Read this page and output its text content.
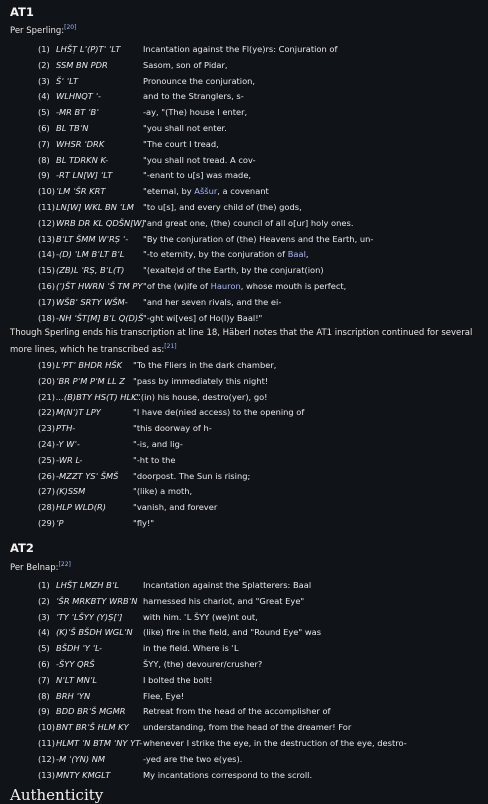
AT1
Per Sperling:[20]
(1) LHŠṬ Lʿ(P)Tʿ ʿLT	Incantation against the Fl(ye)rs: Conjuration of
(2) SSM BN PDR	Sasom, son of Pidar,
(3) Šʿ ʿLT	Pronounce the conjuration,
(4) WLHNQT ʿ-	and to the Stranglers, s-
(5) -MR BT ʿBʿ	-ay, "(The) house I enter,
(6) BL TBʿN	"you shall not enter.
(7) WHSR ʿDRK	"The court I tread,
(8) BL TDRKN K-	"you shall not tread. A cov-
(9) -RT LN[W] ʿLT	"-enant to u[s] was made,
(10) ʿLM ʿŠR KRT	"eternal, by Aššur, a covenant
(11) LN[W] WKL BN ʿLM "to u[s], and every child of (the) gods,
(12) WRB DR KL QDŠN[W]
"and great one, (the) council of all o[ur] holy ones.
(13) BʿLT ŠMM WʿRṢ ʿ- "By the conjuration of (the) Heavens and the Earth, un-
(14) -(D) ʿLM BʿLT BʿL "-to eternity, by the conjuration of Baal,
(15) (ZB)L ʿRṢ, BʿL(T) "(exalte)d of the Earth, by the conjurat(ion)
(16) (ʿ)ŠT HWRN ʿŠ TM PY "of the (w)ife of Hauron, whose mouth is perfect,
(17) WŠBʿ SRTY WŠM- "and her seven rivals, and the ei-
(18) -NH ʿŠT[M] BʿL Q(D)Š "-ght wi[ves] of Ho(l)y Baal!"
Though Sperling ends his transcription at line 18, Häberl notes that the AT1 inscription continued for several more lines, which he transcribed as:[21]
(19) LʿPTʿ BHDR HŠK "To the Fliers in the dark chamber,
(20) ʿBR PʿM PʿM LL Z "pass by immediately this night!
(21) ...(B)BTY HS(T) HLK"
...(in) his house, destro(yer), go!
(22) M(Nʿ)T LPY	"I have de(nied access) to the opening of
(23) PTH-	"this doorway of h-
(24) -Y Wʿ-	"-is, and lig-
(25) -WR L-	"-ht to the
(26) -MZZT YSʿ ŠMŠ "doorpost. The Sun is rising;
(27) (K)SSM	"(like) a moth,
(28) HLP WLD(R)	"vanish, and forever
(29) ʿP	"fly!"
AT2
Per Belnap:[22]
(1) LHŠṬ LMZH BʿL	Incantation against the Splatterers: Baal
(2) ʿŠR MRKBTY WRBʿN harnessed his chariot, and "Great Eye"
(3) ʿTY ʿLŠYY (Y)Ṣ[ʿ] with him. ʿL ŠYY (we)nt out,
(4) (K)ʿŠ BŠDH WGLʿN (like) fire in the field, and "Round Eye" was
(5) BŠDH ʿY ʿL-	in the field. Where is ʿL
(6) -ŠYY QRŠ	ŠYY, (the) devourer/crusher?
(7) NʿLT MNʿL	I bolted the bolt!
(8) BRH ʿYN	Flee, Eye!
(9) BDD BRʿŠ MGMR Retreat from the head of the accomplisher of
(10) BNT BRʿŠ HLM KY understanding, from the head of the dreamer! For
(11) HLMT ʿN BTM ʿNY YT- whenever I strike the eye, in the destruction of the eye, destro-
(12) -M ʿ(YN) NM	-yed are the two e(yes).
(13) MNTY KMGLT	My incantations correspond to the scroll.
Authenticity
